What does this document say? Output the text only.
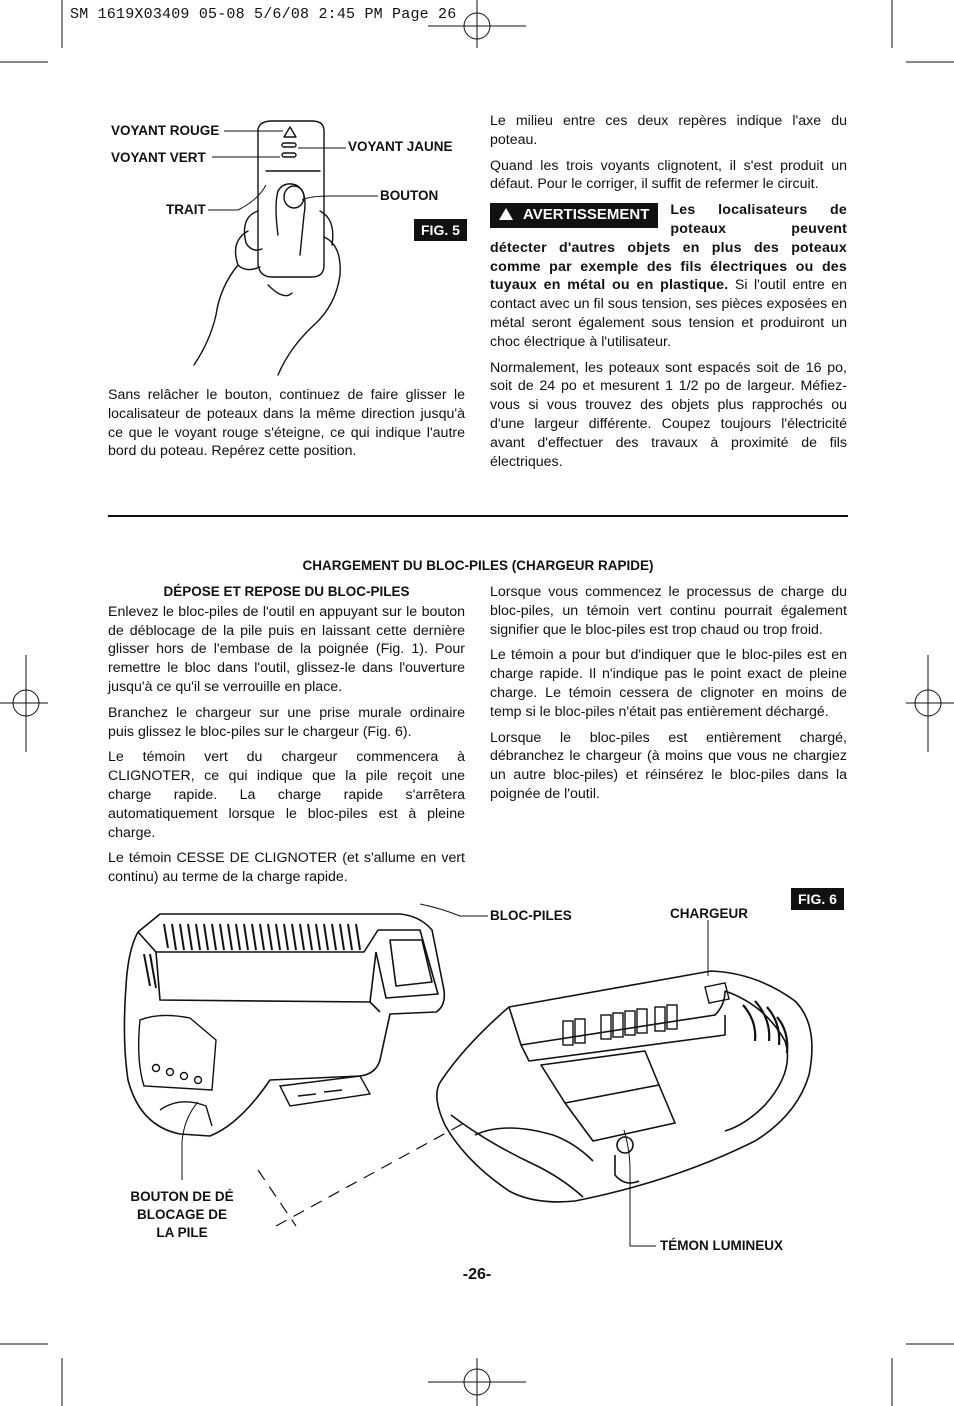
SM 1619X03409 05-08 5/6/08 2:45 PM Page 26
VOYANT ROUGE
VOYANT VERT
VOYANT JAUNE
TRAIT
BOUTON
FIG. 5

Sans relâcher le bouton, continuez de faire glisser le localisateur de poteaux dans la même direction jusqu'à ce que le voyant rouge s'éteigne, ce qui indique l'autre bord du poteau. Repérez cette position.

Le milieu entre ces deux repères indique l'axe du poteau.

Quand les trois voyants clignotent, il s'est produit un défaut. Pour le corriger, il suffit de refermer le circuit.

AVERTISSEMENT	Les localisateurs de poteaux peuvent détecter d'autres objets en plus des poteaux comme par exemple des fils électriques ou des tuyaux en métal ou en plastique. Si l'outil entre en contact avec un fil sous tension, ses pièces exposées en métal seront également sous tension et produiront un choc électrique à l'utilisateur.

Normalement, les poteaux sont espacés soit de 16 po, soit de 24 po et mesurent 1 1/2 po de largeur. Méfiez-vous si vous trouvez des objets plus rapprochés ou d'une largeur différente. Coupez toujours l'électricité avant d'effectuer des travaux à proximité de fils électriques.

CHARGEMENT DU BLOC-PILES (CHARGEUR RAPIDE)
DÉPOSE ET REPOSE DU BLOC-PILES

Enlevez le bloc-piles de l'outil en appuyant sur le bouton de déblocage de la pile puis en laissant cette dernière glisser hors de l'embase de la poignée (Fig. 1). Pour remettre le bloc dans l'outil, glissez-le dans l'ouverture jusqu'à ce qu'il se verrouille en place.

Branchez le chargeur sur une prise murale ordinaire puis glissez le bloc-piles sur le chargeur (Fig. 6).

Le témoin vert du chargeur commencera à CLIGNOTER, ce qui indique que la pile reçoit une charge rapide. La charge rapide s'arrêtera automatiquement lorsque le bloc-piles est à pleine charge.

Le témoin CESSE DE CLIGNOTER (et s'allume en vert continu) au terme de la charge rapide.

Lorsque vous commencez le processus de charge du bloc-piles, un témoin vert continu pourrait également signifier que le bloc-piles est trop chaud ou trop froid.

Le témoin a pour but d'indiquer que le bloc-piles est en charge rapide. Il n'indique pas le point exact de pleine charge. Le témoin cessera de clignoter en moins de temp si le bloc-piles n'était pas entièrement déchargé.

Lorsque le bloc-piles est entièrement chargé, débranchez le chargeur (à moins que vous ne chargiez un autre bloc-piles) et réinsérez le bloc-piles dans la poignée de l'outil.

FIG. 6
BLOC-PILES	CHARGEUR
BOUTON DE DÉ BLOCAGE DE LA PILE
TÉMON LUMINEUX
-26-
